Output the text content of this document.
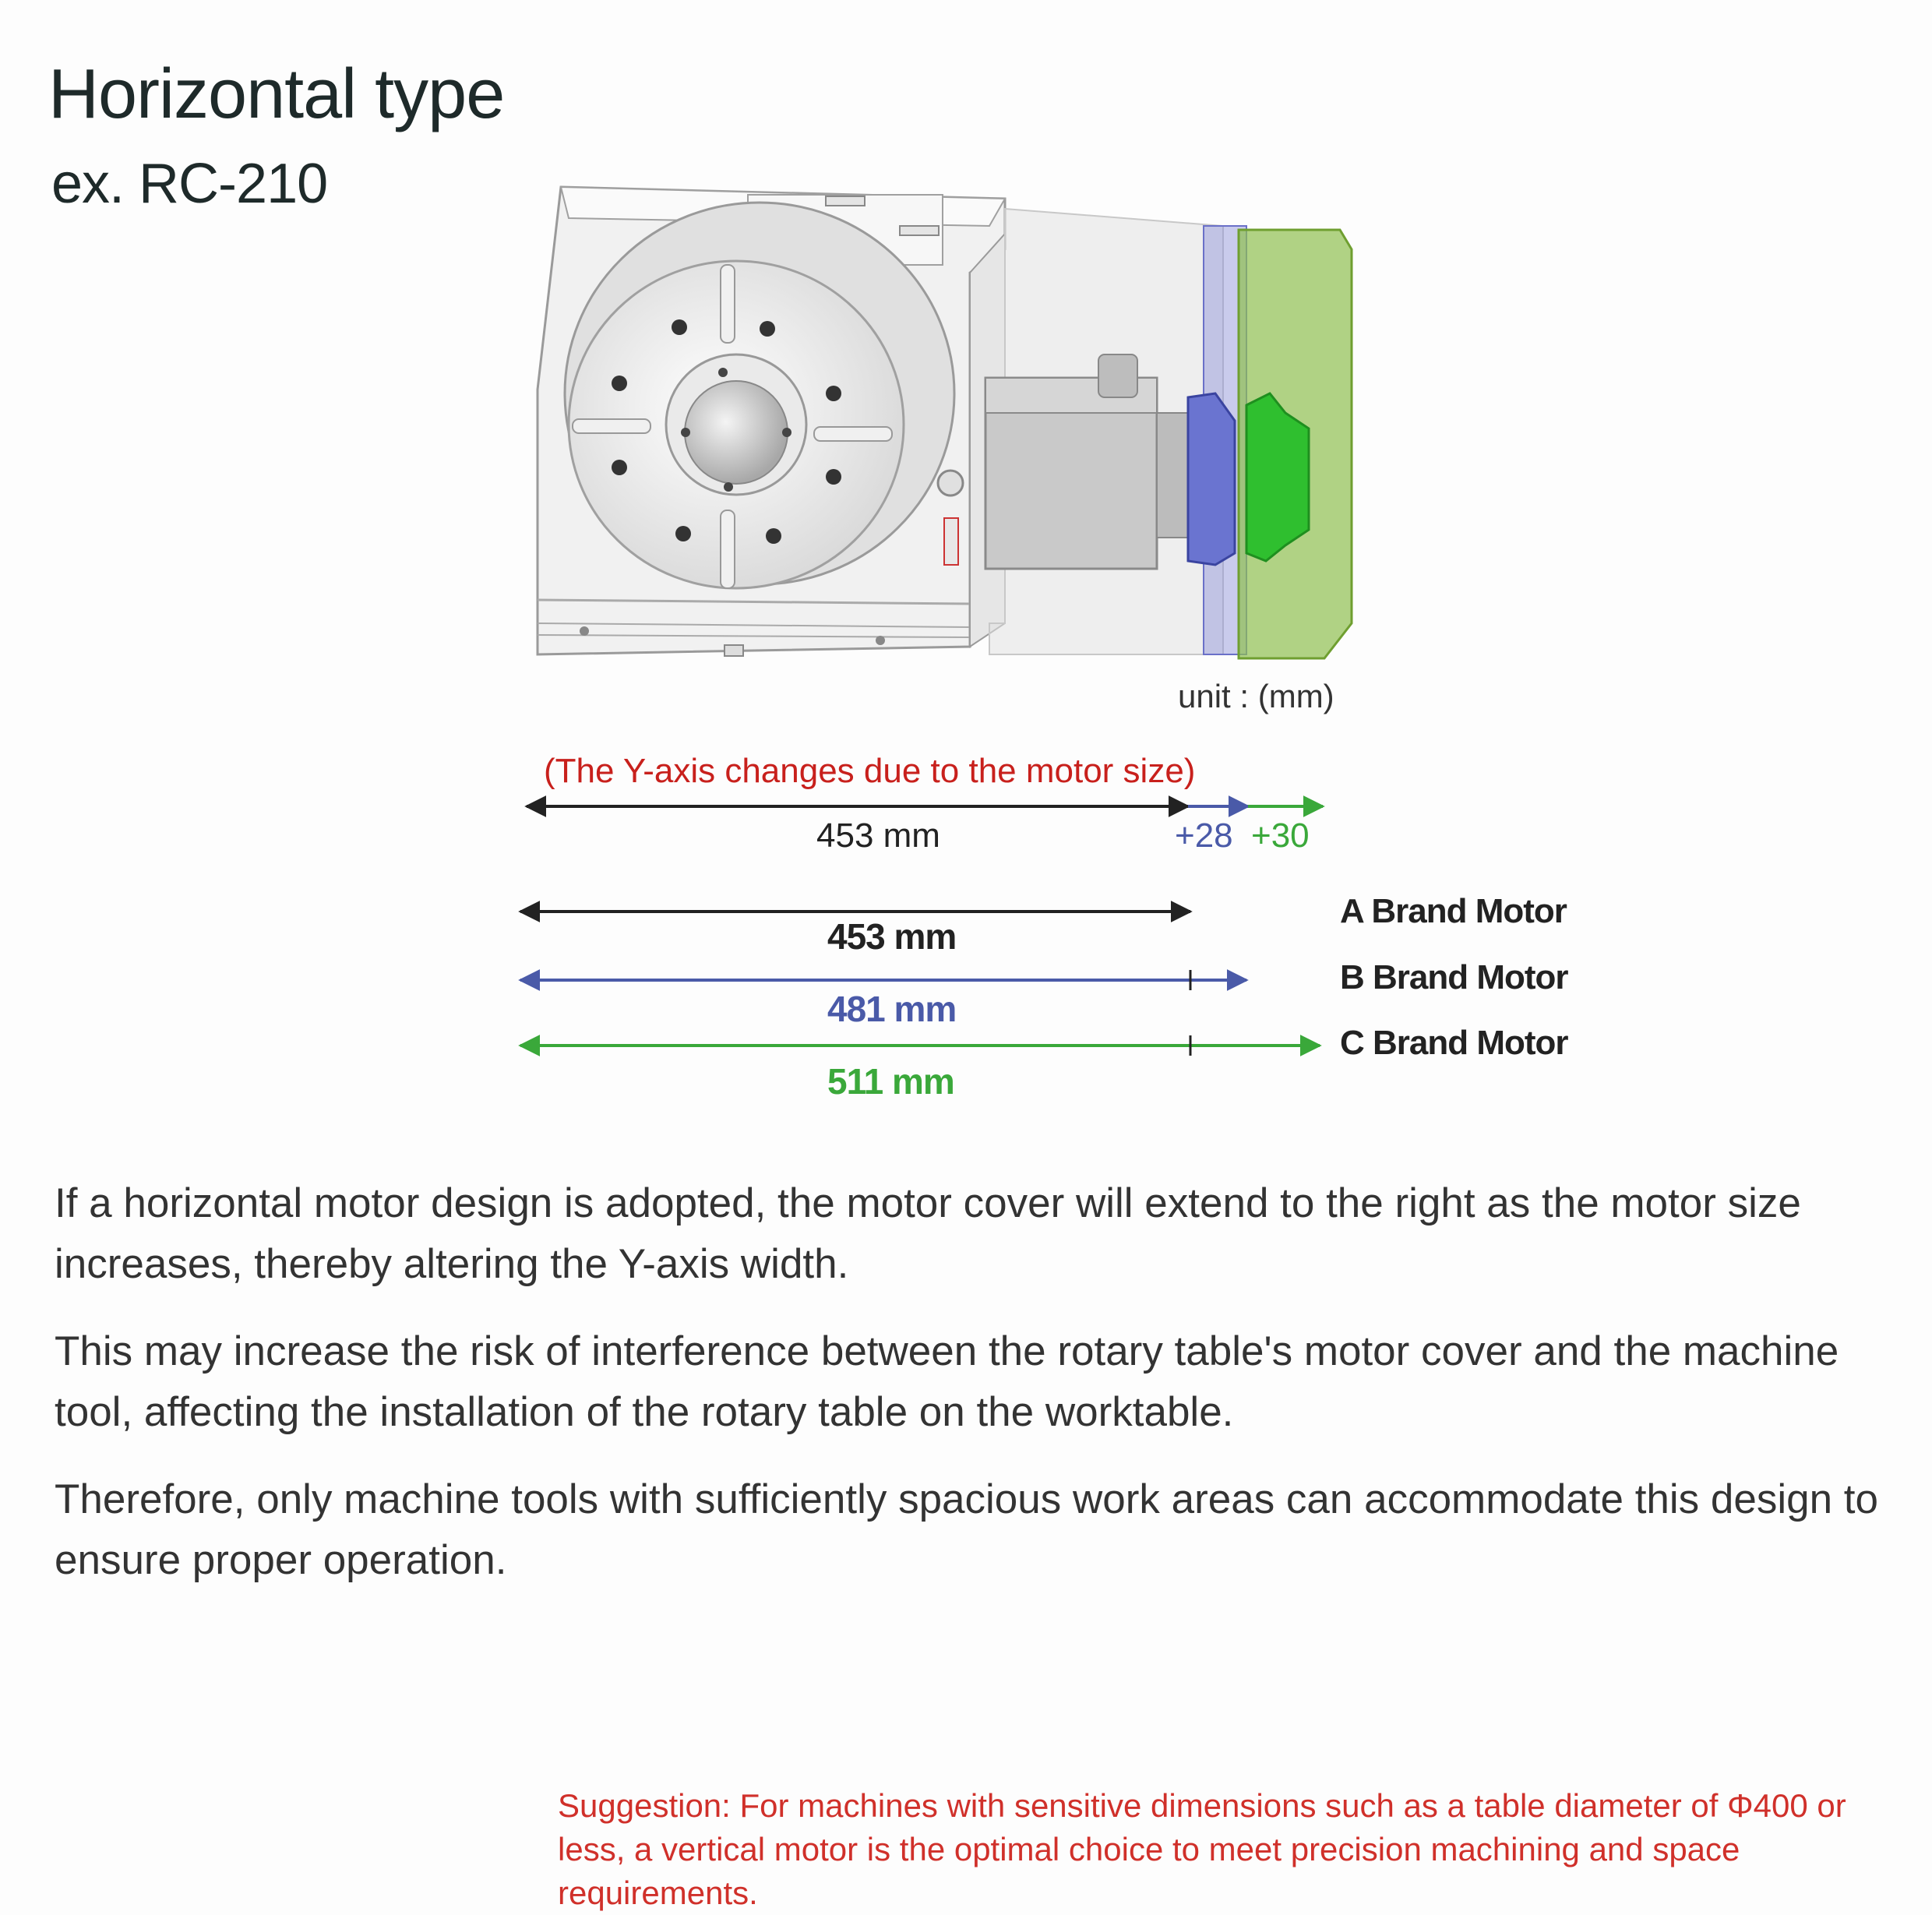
Horizontal type
ex. RC-210
unit : (mm)
(The Y-axis changes due to the motor size)
453 mm	+28 +30
453 mm
481 mm
511 mm
A Brand Motor
B Brand Motor
C Brand Motor
If a horizontal motor design is adopted, the motor cover will extend to the right as the motor size increases, thereby altering the Y-axis width.
This may increase the risk of interference between the rotary table's motor cover and the machine tool, affecting the installation of the rotary table on the worktable.
Therefore, only machine tools with sufficiently spacious work areas can accommodate this design to ensure proper operation.
Suggestion: For machines with sensitive dimensions such as a table diameter of Φ400 or less, a vertical motor is the optimal choice to meet precision machining and space requirements.
